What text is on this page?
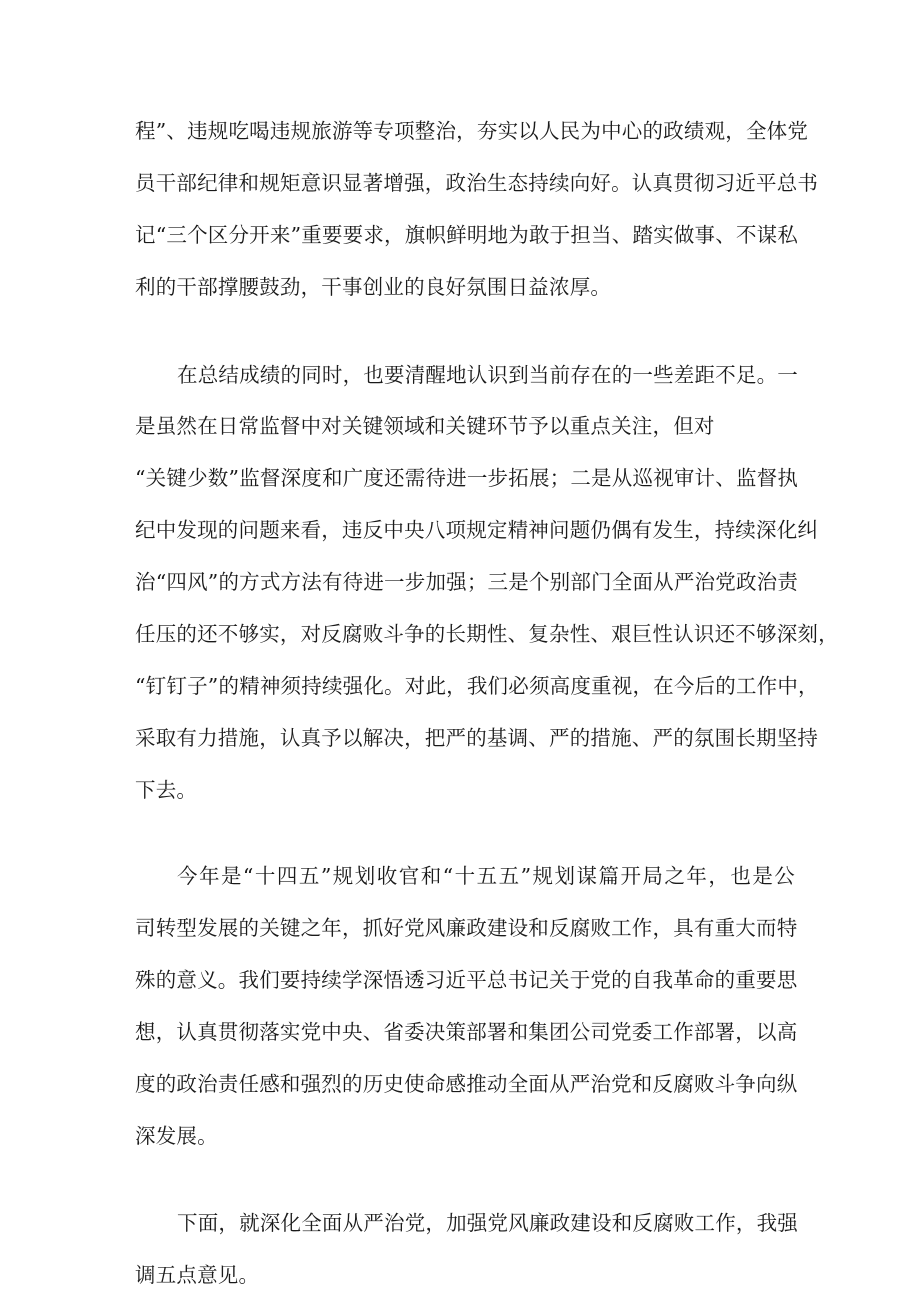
程”、违规吃喝违规旅游等专项整治，夯实以人民为中心的政绩观，全体党
员干部纪律和规矩意识显著增强，政治生态持续向好。认真贯彻习近平总书
记“三个区分开来”重要要求，旗帜鲜明地为敢于担当、踏实做事、不谋私
利的干部撑腰鼓劲，干事创业的良好氛围日益浓厚。
在总结成绩的同时，也要清醒地认识到当前存在的一些差距不足。一
是虽然在日常监督中对关键领域和关键环节予以重点关注，但对
“关键少数”监督深度和广度还需待进一步拓展；二是从巡视审计、监督执
纪中发现的问题来看，违反中央八项规定精神问题仍偶有发生，持续深化纠
治“四风”的方式方法有待进一步加强；三是个别部门全面从严治党政治责
任压的还不够实，对反腐败斗争的长期性、复杂性、艰巨性认识还不够深刻，
“钉钉子”的精神须持续强化。对此，我们必须高度重视，在今后的工作中，
采取有力措施，认真予以解决，把严的基调、严的措施、严的氛围长期坚持
下去。
今年是“十四五”规划收官和“十五五”规划谋篇开局之年，也是公
司转型发展的关键之年，抓好党风廉政建设和反腐败工作，具有重大而特
殊的意义。我们要持续学深悟透习近平总书记关于党的自我革命的重要思
想，认真贯彻落实党中央、省委决策部署和集团公司党委工作部署，以高
度的政治责任感和强烈的历史使命感推动全面从严治党和反腐败斗争向纵
深发展。
下面，就深化全面从严治党，加强党风廉政建设和反腐败工作，我强
调五点意见。
